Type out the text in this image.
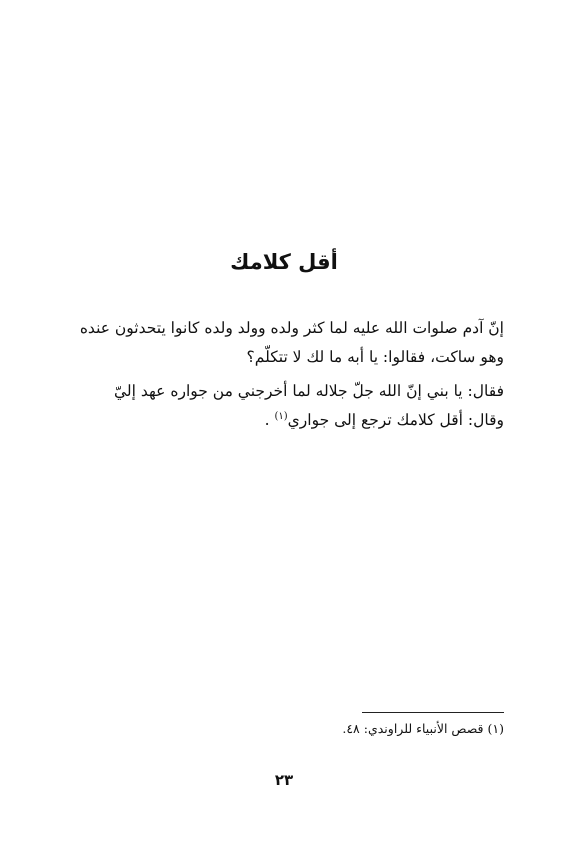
أقل كلامك

إنّ آدم صلوات الله عليه لما كثر ولده وولد ولده كانوا يتحدثون عنده
وهو ساكت، فقالوا: يا أبه ما لك لا تتكلّم؟

فقال: يا بني إنّ الله جلّ جلاله لما أخرجني من جواره عهد إليّ
وقال: أقل كلامك ترجع إلى جواري$^{(١)}$ .

(١) قصص الأنبياء للراوندي: ٤٨.
٢٣
